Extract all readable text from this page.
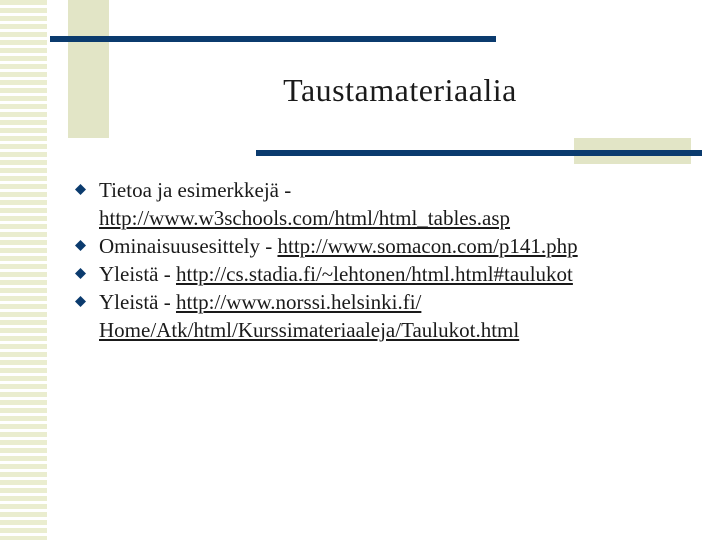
Taustamateriaalia
Tietoa ja esimerkkejä -
http://www.w3schools.com/html/html_tables.asp
Ominaisuusesittely - http://www.somacon.com/p141.php
Yleistä - http://cs.stadia.fi/~lehtonen/html.html#taulukot
Yleistä - http://www.norssi.helsinki.fi/
Home/Atk/html/Kurssimateriaaleja/Taulukot.html
